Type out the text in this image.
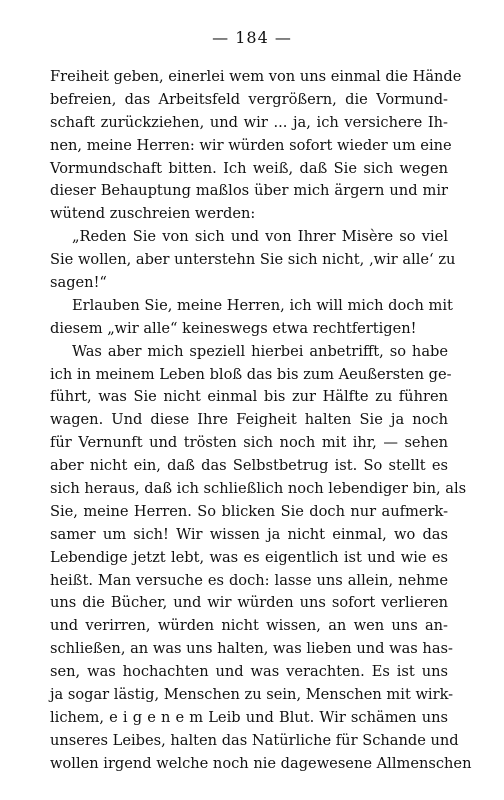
— 184 —
Freiheit geben, einerlei wem von uns einmal die Hände
befreien, das Arbeitsfeld vergrößern, die Vormund-
schaft zurückziehen, und wir ... ja, ich versichere Ih-
nen, meine Herren: wir würden sofort wieder um eine
Vormundschaft bitten. Ich weiß, daß Sie sich wegen
dieser Behauptung maßlos über mich ärgern und mir
wütend zuschreien werden:
„Reden Sie von sich und von Ihrer Misère so viel
Sie wollen, aber unterstehn Sie sich nicht, ‚wir alle‘ zu
sagen!“
Erlauben Sie, meine Herren, ich will mich doch mit
diesem „wir alle“ keineswegs etwa rechtfertigen!
Was aber mich speziell hierbei anbetrifft, so habe
ich in meinem Leben bloß das bis zum Aeußersten ge-
führt, was Sie nicht einmal bis zur Hälfte zu führen
wagen. Und diese Ihre Feigheit halten Sie ja noch
für Vernunft und trösten sich noch mit ihr, — sehen
aber nicht ein, daß das Selbstbetrug ist. So stellt es
sich heraus, daß ich schließlich noch lebendiger bin, als
Sie, meine Herren. So blicken Sie doch nur aufmerk-
samer um sich! Wir wissen ja nicht einmal, wo das
Lebendige jetzt lebt, was es eigentlich ist und wie es
heißt. Man versuche es doch: lasse uns allein, nehme
uns die Bücher, und wir würden uns sofort verlieren
und verirren, würden nicht wissen, an wen uns an-
schließen, an was uns halten, was lieben und was has-
sen, was hochachten und was verachten. Es ist uns
ja sogar lästig, Menschen zu sein, Menschen mit wirk-
lichem, e i g e n e m Leib und Blut. Wir schämen uns
unseres Leibes, halten das Natürliche für Schande und
wollen irgend welche noch nie dagewesene Allmenschen
